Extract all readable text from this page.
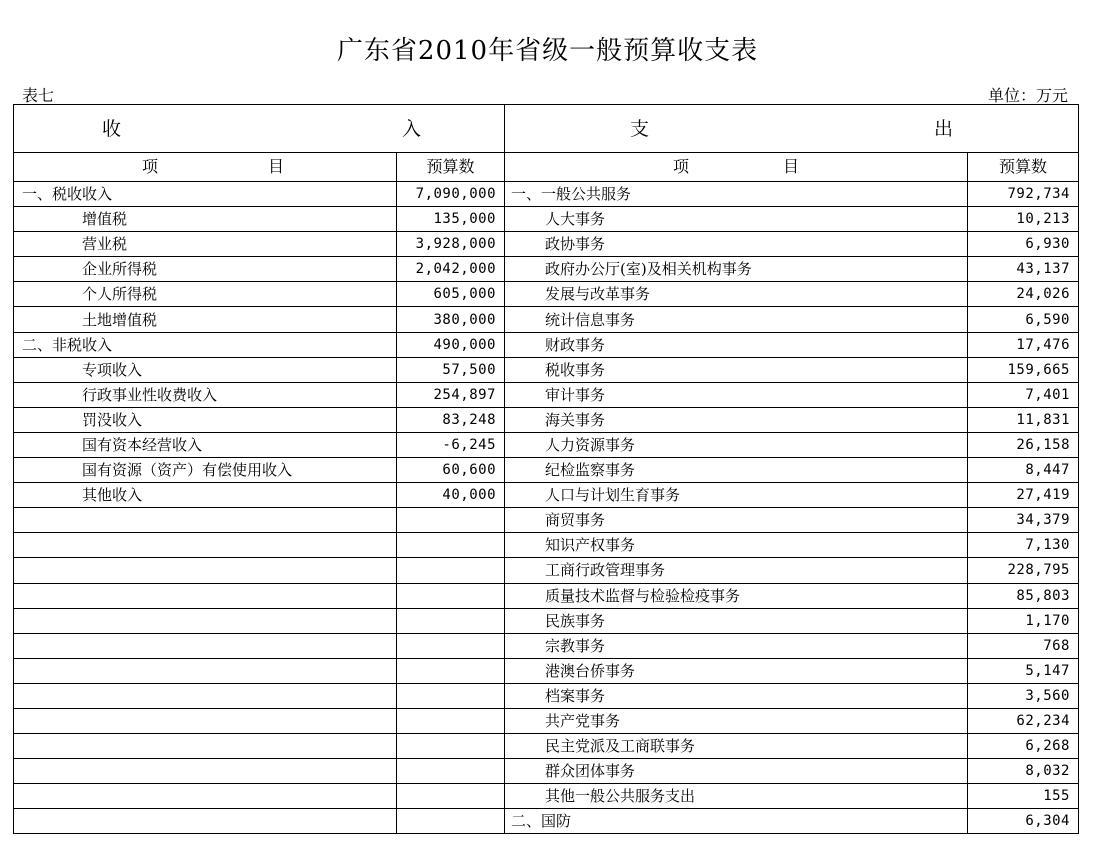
广东省2010年省级一般预算收支表
表七	单位：万元
收 入		支 出	

项 目	预算数	项 目	预算数
一、税收收入	7,090,000	一、一般公共服务	792,734
增值税	135,000	人大事务	10,213
营业税	3,928,000	政协事务	6,930
企业所得税	2,042,000	政府办公厅(室)及相关机构事务	43,137
个人所得税	605,000	发展与改革事务	24,026
土地增值税	380,000	统计信息事务	6,590
二、非税收入	490,000	财政事务	17,476
专项收入	57,500	税收事务	159,665
行政事业性收费收入	254,897	审计事务	7,401
罚没收入	83,248	海关事务	11,831
国有资本经营收入	-6,245	人力资源事务	26,158
国有资源（资产）有偿使用收入	60,600	纪检监察事务	8,447
其他收入	40,000	人口与计划生育事务	27,419
		商贸事务	34,379
		知识产权事务	7,130
		工商行政管理事务	228,795
		质量技术监督与检验检疫事务	85,803
		民族事务	1,170
		宗教事务	768
		港澳台侨事务	5,147
		档案事务	3,560
		共产党事务	62,234
		民主党派及工商联事务	6,268
		群众团体事务	8,032
		其他一般公共服务支出	155
		二、国防	6,304
